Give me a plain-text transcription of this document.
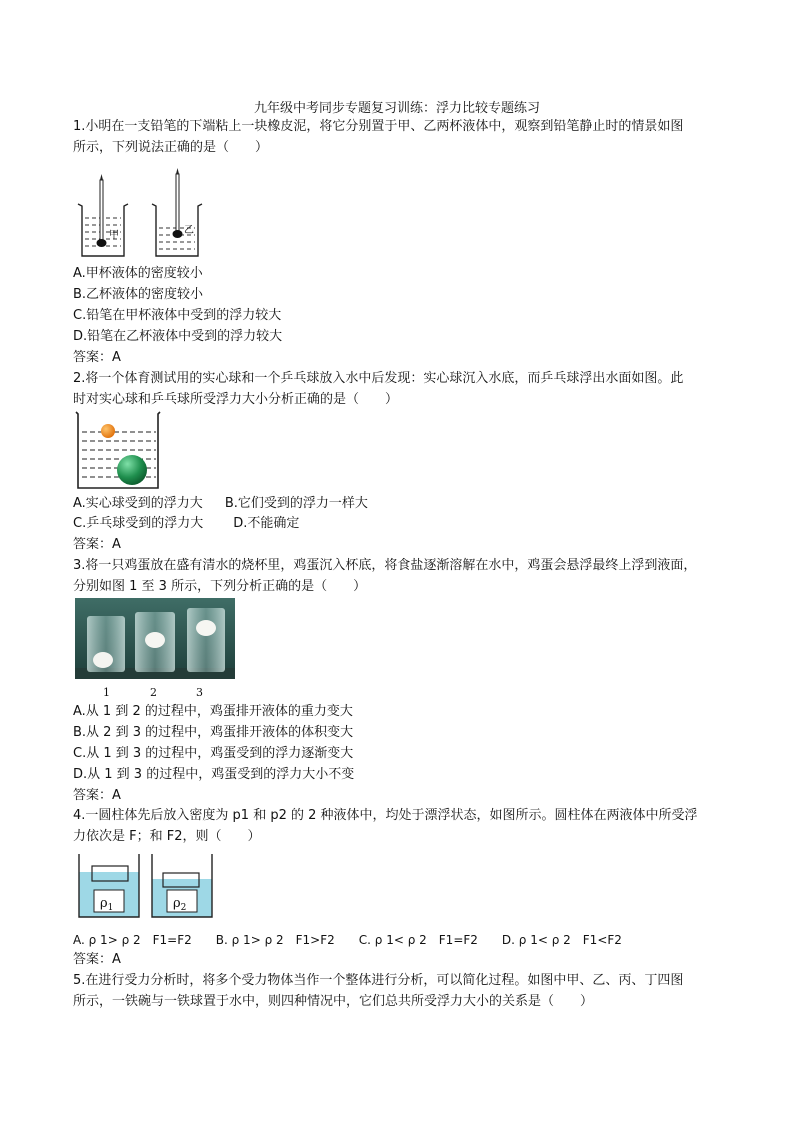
九年级中考同步专题复习训练：浮力比较专题练习
1.小明在一支铅笔的下端粘上一块橡皮泥，将它分别置于甲、乙两杯液体中，观察到铅笔静止时的情景如图
所示，下列说法正确的是（　　）
甲	乙
A.甲杯液体的密度较小
B.乙杯液体的密度较小
C.铅笔在甲杯液体中受到的浮力较大
D.铅笔在乙杯液体中受到的浮力较大
答案：A
2.将一个体育测试用的实心球和一个乒乓球放入水中后发现：实心球沉入水底，而乒乓球浮出水面如图。此
时对实心球和乒乓球所受浮力大小分析正确的是（　　）
A.实心球受到的浮力大 B.它们受到的浮力一样大
C.乒乓球受到的浮力大 D.不能确定
答案：A
3.将一只鸡蛋放在盛有清水的烧杯里，鸡蛋沉入杯底，将食盐逐渐溶解在水中，鸡蛋会悬浮最终上浮到液面，
分别如图 1 至 3 所示，下列分析正确的是（　　）
1	2	3
A.从 1 到 2 的过程中，鸡蛋排开液体的重力变大
B.从 2 到 3 的过程中，鸡蛋排开液体的体积变大
C.从 1 到 3 的过程中，鸡蛋受到的浮力逐渐变大
D.从 1 到 3 的过程中，鸡蛋受到的浮力大小不变
答案：A
4.一圆柱体先后放入密度为 p1 和 p2 的 2 种液体中，均处于漂浮状态，如图所示。圆柱体在两液体中所受浮
力依次是 F；和 F2，则（　　）
$\rho_1$	$\rho_2$
A. ρ 1> ρ 2　F1=F2 B. ρ 1> ρ 2　F1>F2 C. ρ 1< ρ 2　F1=F2 D. ρ 1< ρ 2　F1<F2
答案：A
5.在进行受力分析时，将多个受力物体当作一个整体进行分析，可以简化过程。如图中甲、乙、丙、丁四图
所示，一铁碗与一铁球置于水中，则四种情况中，它们总共所受浮力大小的关系是（　　）
